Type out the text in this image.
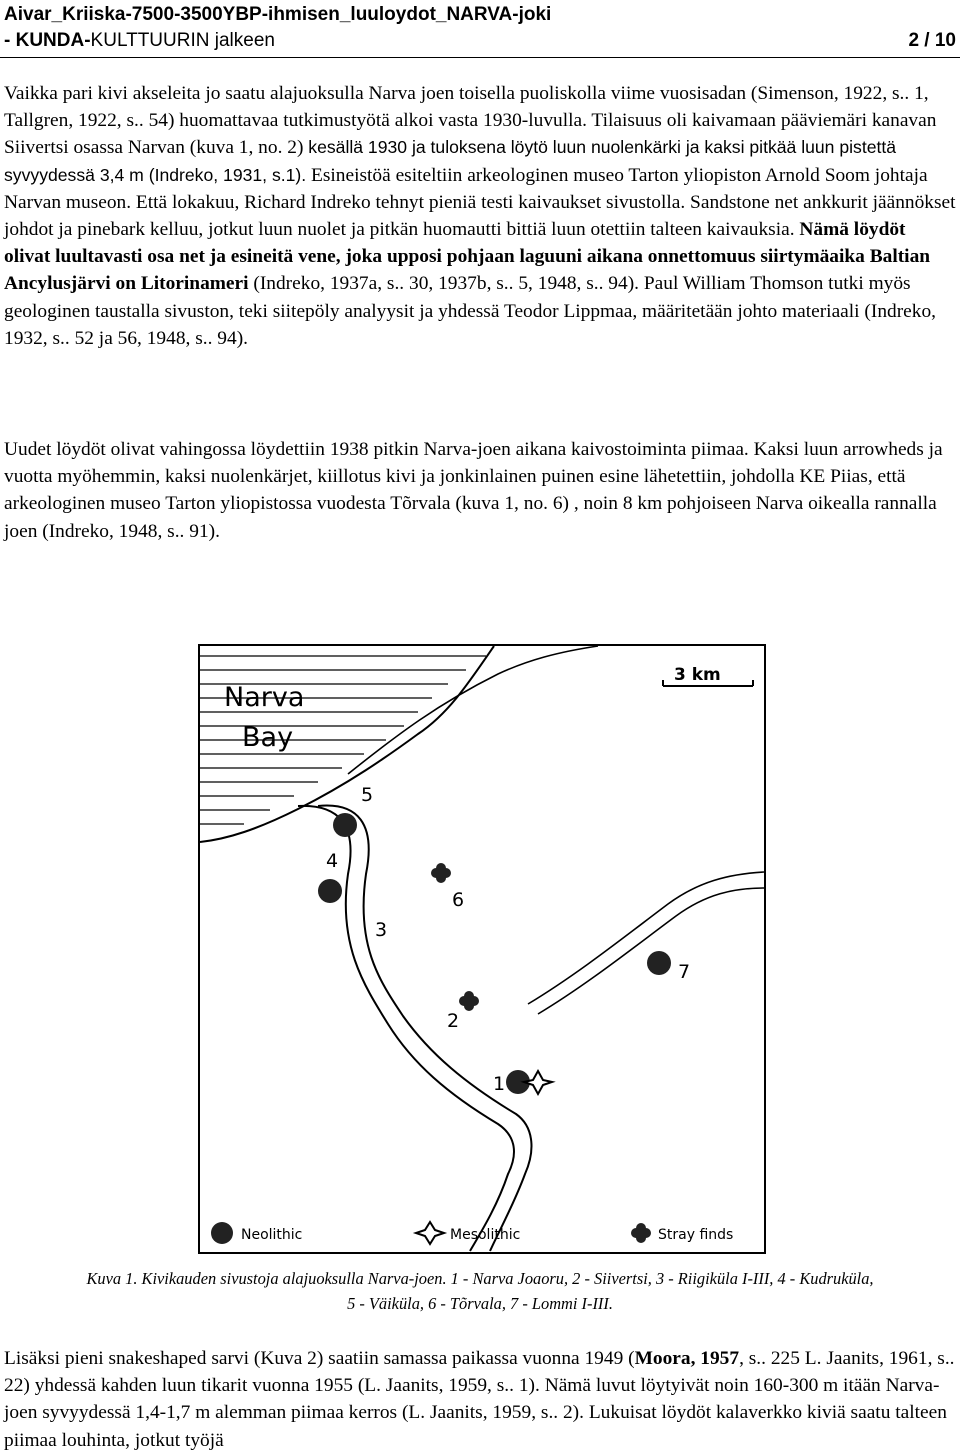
Aivar_Kriiska-7500-3500YBP-ihmisen_luuloydot_NARVA-joki
- KUNDA-KULTTUURIN jalkeen	2 / 10
Vaikka pari kivi akseleita jo saatu alajuoksulla Narva joen toisella puoliskolla viime vuosisadan (Simenson, 1922, s.. 1, Tallgren, 1922, s.. 54) huomattavaa tutkimustyötä alkoi vasta 1930-luvulla. Tilaisuus oli kaivamaan pääviemäri kanavan Siivertsi osassa Narvan (kuva 1, no. 2) kesällä 1930 ja tuloksena löytö luun nuolenkärki ja kaksi pitkää luun pistettä syvyydessä 3,4 m (Indreko, 1931, s.1). Esineistöä esiteltiin arkeologinen museo Tarton yliopiston Arnold Soom johtaja Narvan museon. Että lokakuu, Richard Indreko tehnyt pieniä testi kaivaukset sivustolla. Sandstone net ankkurit jäännökset johdot ja pinebark kelluu, jotkut luun nuolet ja pitkän huomautti bittiä luun otettiin talteen kaivauksia. Nämä löydöt olivat luultavasti osa net ja esineitä vene, joka upposi pohjaan laguuni aikana onnettomuus siirtymäaika Baltian Ancylusjärvi on Litorinameri (Indreko, 1937a, s.. 30, 1937b, s.. 5, 1948, s.. 94). Paul William Thomson tutki myös geologinen taustalla sivuston, teki siitepöly analyysit ja yhdessä Teodor Lippmaa, määritetään johto materiaali (Indreko, 1932, s.. 52 ja 56, 1948, s.. 94).
Uudet löydöt olivat vahingossa löydettiin 1938 pitkin Narva-joen aikana kaivostoiminta piimaa. Kaksi luun arrowheds ja vuotta myöhemmin, kaksi nuolenkärjet, kiillotus kivi ja jonkinlainen puinen esine lähetettiin, johdolla KE Piias, että arkeologinen museo Tarton yliopistossa vuodesta Tõrvala (kuva 1, no. 6) , noin 8 km pohjoiseen Narva oikealla rannalla joen (Indreko, 1948, s.. 91).
3 km
Narva
Bay
1
2
3
4
5
6
7
Neolithic	Mesolithic	Stray finds
Kuva 1. Kivikauden sivustoja alajuoksulla Narva-joen. 1 - Narva Joaoru, 2 - Siivertsi, 3 - Riigiküla I-III, 4 - Kudruküla,
5 - Väiküla, 6 - Tõrvala, 7 - Lommi I-III.
Lisäksi pieni snakeshaped sarvi (Kuva 2) saatiin samassa paikassa vuonna 1949 (Moora, 1957, s.. 225 L. Jaanits, 1961, s.. 22) yhdessä kahden luun tikarit vuonna 1955 (L. Jaanits, 1959, s.. 1). Nämä luvut löytyivät noin 160-300 m itään Narva-joen syvyydessä 1,4-1,7 m alemman piimaa kerros (L. Jaanits, 1959, s.. 2). Lukuisat löydöt kalaverkko kiviä saatu talteen piimaa louhinta, jotkut työjä
